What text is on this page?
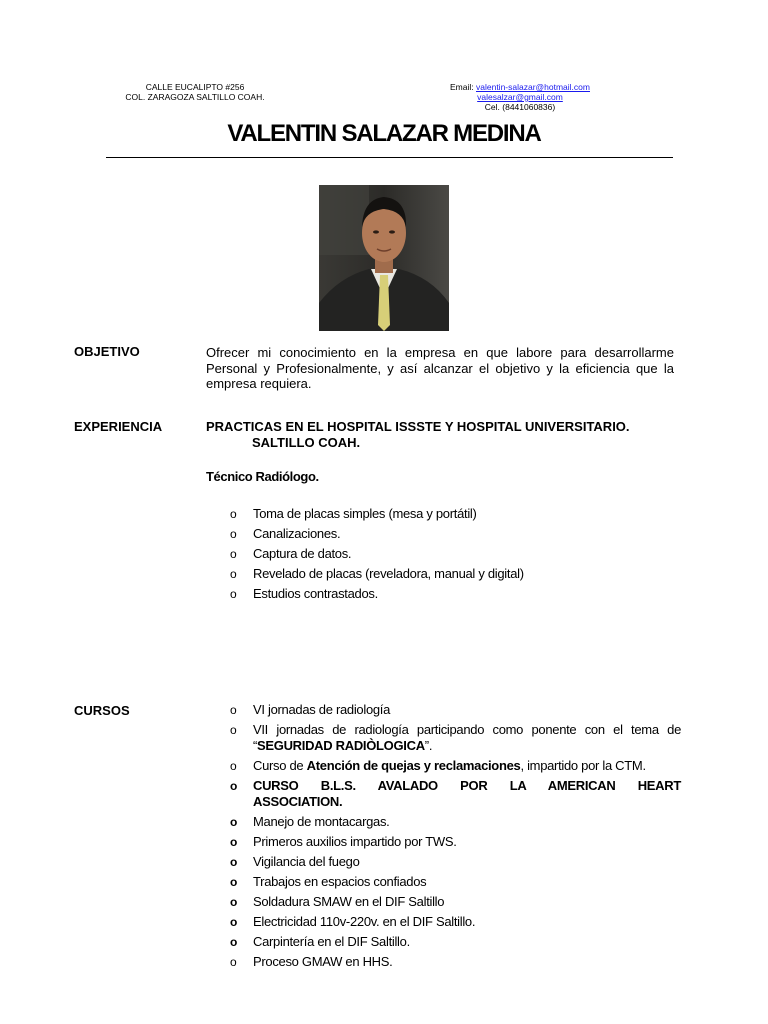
CALLE EUCALIPTO #256
COL. ZARAGOZA SALTILLO COAH.
Email: valentin-salazar@hotmail.com
valesalzar@gmail.com
Cel. (8441060836)
VALENTIN SALAZAR MEDINA
OBJETIVO	Ofrecer mi conocimiento en la empresa en que labore para desarrollarme Personal y Profesionalmente, y así alcanzar el objetivo y la eficiencia que la empresa requiera.
EXPERIENCIA	PRACTICAS EN EL HOSPITAL ISSSTE Y HOSPITAL UNIVERSITARIO.
SALTILLO COAH.
Técnico Radiólogo.
o Toma de placas simples (mesa y portátil)
o Canalizaciones.
o Captura de datos.
o Revelado de placas (reveladora, manual y digital)
o Estudios contrastados.
CURSOS	o VI jornadas de radiología
o VII jornadas de radiología participando como ponente con el tema de “SEGURIDAD RADIÒLOGICA”.
o Curso de Atención de quejas y reclamaciones, impartido por la CTM.
o CURSO B.L.S. AVALADO POR LA AMERICAN HEART ASSOCIATION.
o Manejo de montacargas.
o Primeros auxilios impartido por TWS.
o Vigilancia del fuego
o Trabajos en espacios confiados
o Soldadura SMAW en el DIF Saltillo
o Electricidad 110v-220v. en el DIF Saltillo.
o Carpintería en el DIF Saltillo.
o Proceso GMAW en HHS.
